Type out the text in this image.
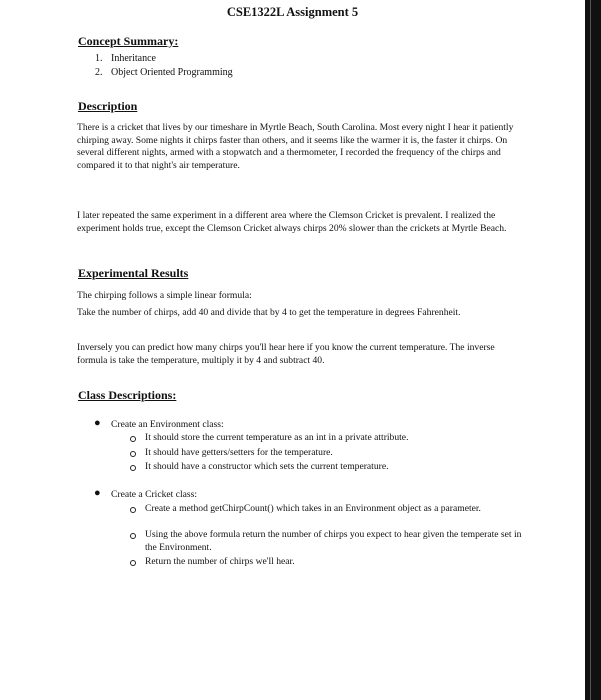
CSE1322L Assignment 5
Concept Summary:
1. Inheritance
2. Object Oriented Programming
Description

There is a cricket that lives by our timeshare in Myrtle Beach, South Carolina. Most every night I hear it patiently chirping away. Some nights it chirps faster than others, and it seems like the warmer it is, the faster it chirps. On several different nights, armed with a stopwatch and a thermometer, I recorded the frequency of the chirps and compared it to that night's air temperature.

I later repeated the same experiment in a different area where the Clemson Cricket is prevalent. I realized the experiment holds true, except the Clemson Cricket always chirps 20% slower than the crickets at Myrtle Beach.

Experimental Results

The chirping follows a simple linear formula:

Take the number of chirps, add 40 and divide that by 4 to get the temperature in degrees Fahrenheit.

Inversely you can predict how many chirps you'll hear here if you know the current temperature. The inverse formula is take the temperature, multiply it by 4 and subtract 40.

Class Descriptions:
● Create an Environment class:
It should store the current temperature as an int in a private attribute.
It should have getters/setters for the temperature.
It should have a constructor which sets the current temperature.
● Create a Cricket class:
Create a method getChirpCount() which takes in an Environment object as a parameter.
Using the above formula return the number of chirps you expect to hear given the temperate set in the Environment.
Return the number of chirps we'll hear.
